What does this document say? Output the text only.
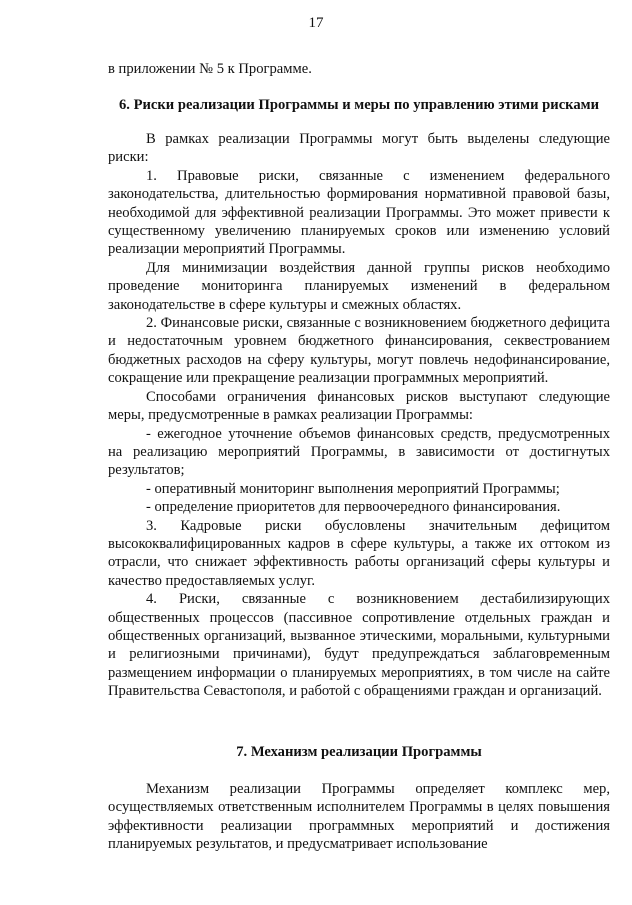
17

в приложении № 5 к Программе.

6. Риски реализации Программы и меры по управлению этими рисками

В рамках реализации Программы могут быть выделены следующие риски:

1. Правовые риски, связанные с изменением федерального законодательства, длительностью формирования нормативной правовой базы, необходимой для эффективной реализации Программы. Это может привести к существенному увеличению планируемых сроков или изменению условий реализации мероприятий Программы.

Для минимизации воздействия данной группы рисков необходимо проведение мониторинга планируемых изменений в федеральном законодательстве в сфере культуры и смежных областях.

2. Финансовые риски, связанные с возникновением бюджетного дефицита и недостаточным уровнем бюджетного финансирования, секвестрованием бюджетных расходов на сферу культуры, могут повлечь недофинансирование, сокращение или прекращение реализации программных мероприятий.

Способами ограничения финансовых рисков выступают следующие меры, предусмотренные в рамках реализации Программы:

- ежегодное уточнение объемов финансовых средств, предусмотренных на реализацию мероприятий Программы, в зависимости от достигнутых результатов;

- оперативный мониторинг выполнения мероприятий Программы;

- определение приоритетов для первоочередного финансирования.

3. Кадровые риски обусловлены значительным дефицитом высококвалифицированных кадров в сфере культуры, а также их оттоком из отрасли, что снижает эффективность работы организаций сферы культуры и качество предоставляемых услуг.

4. Риски, связанные с возникновением дестабилизирующих общественных процессов (пассивное сопротивление отдельных граждан и общественных организаций, вызванное этическими, моральными, культурными и религиозными причинами), будут предупреждаться заблаговременным размещением информации о планируемых мероприятиях, в том числе на сайте Правительства Севастополя, и работой с обращениями граждан и организаций.

7. Механизм реализации Программы

Механизм реализации Программы определяет комплекс мер, осуществляемых ответственным исполнителем Программы в целях повышения эффективности реализации программных мероприятий и достижения планируемых результатов, и предусматривает использование
